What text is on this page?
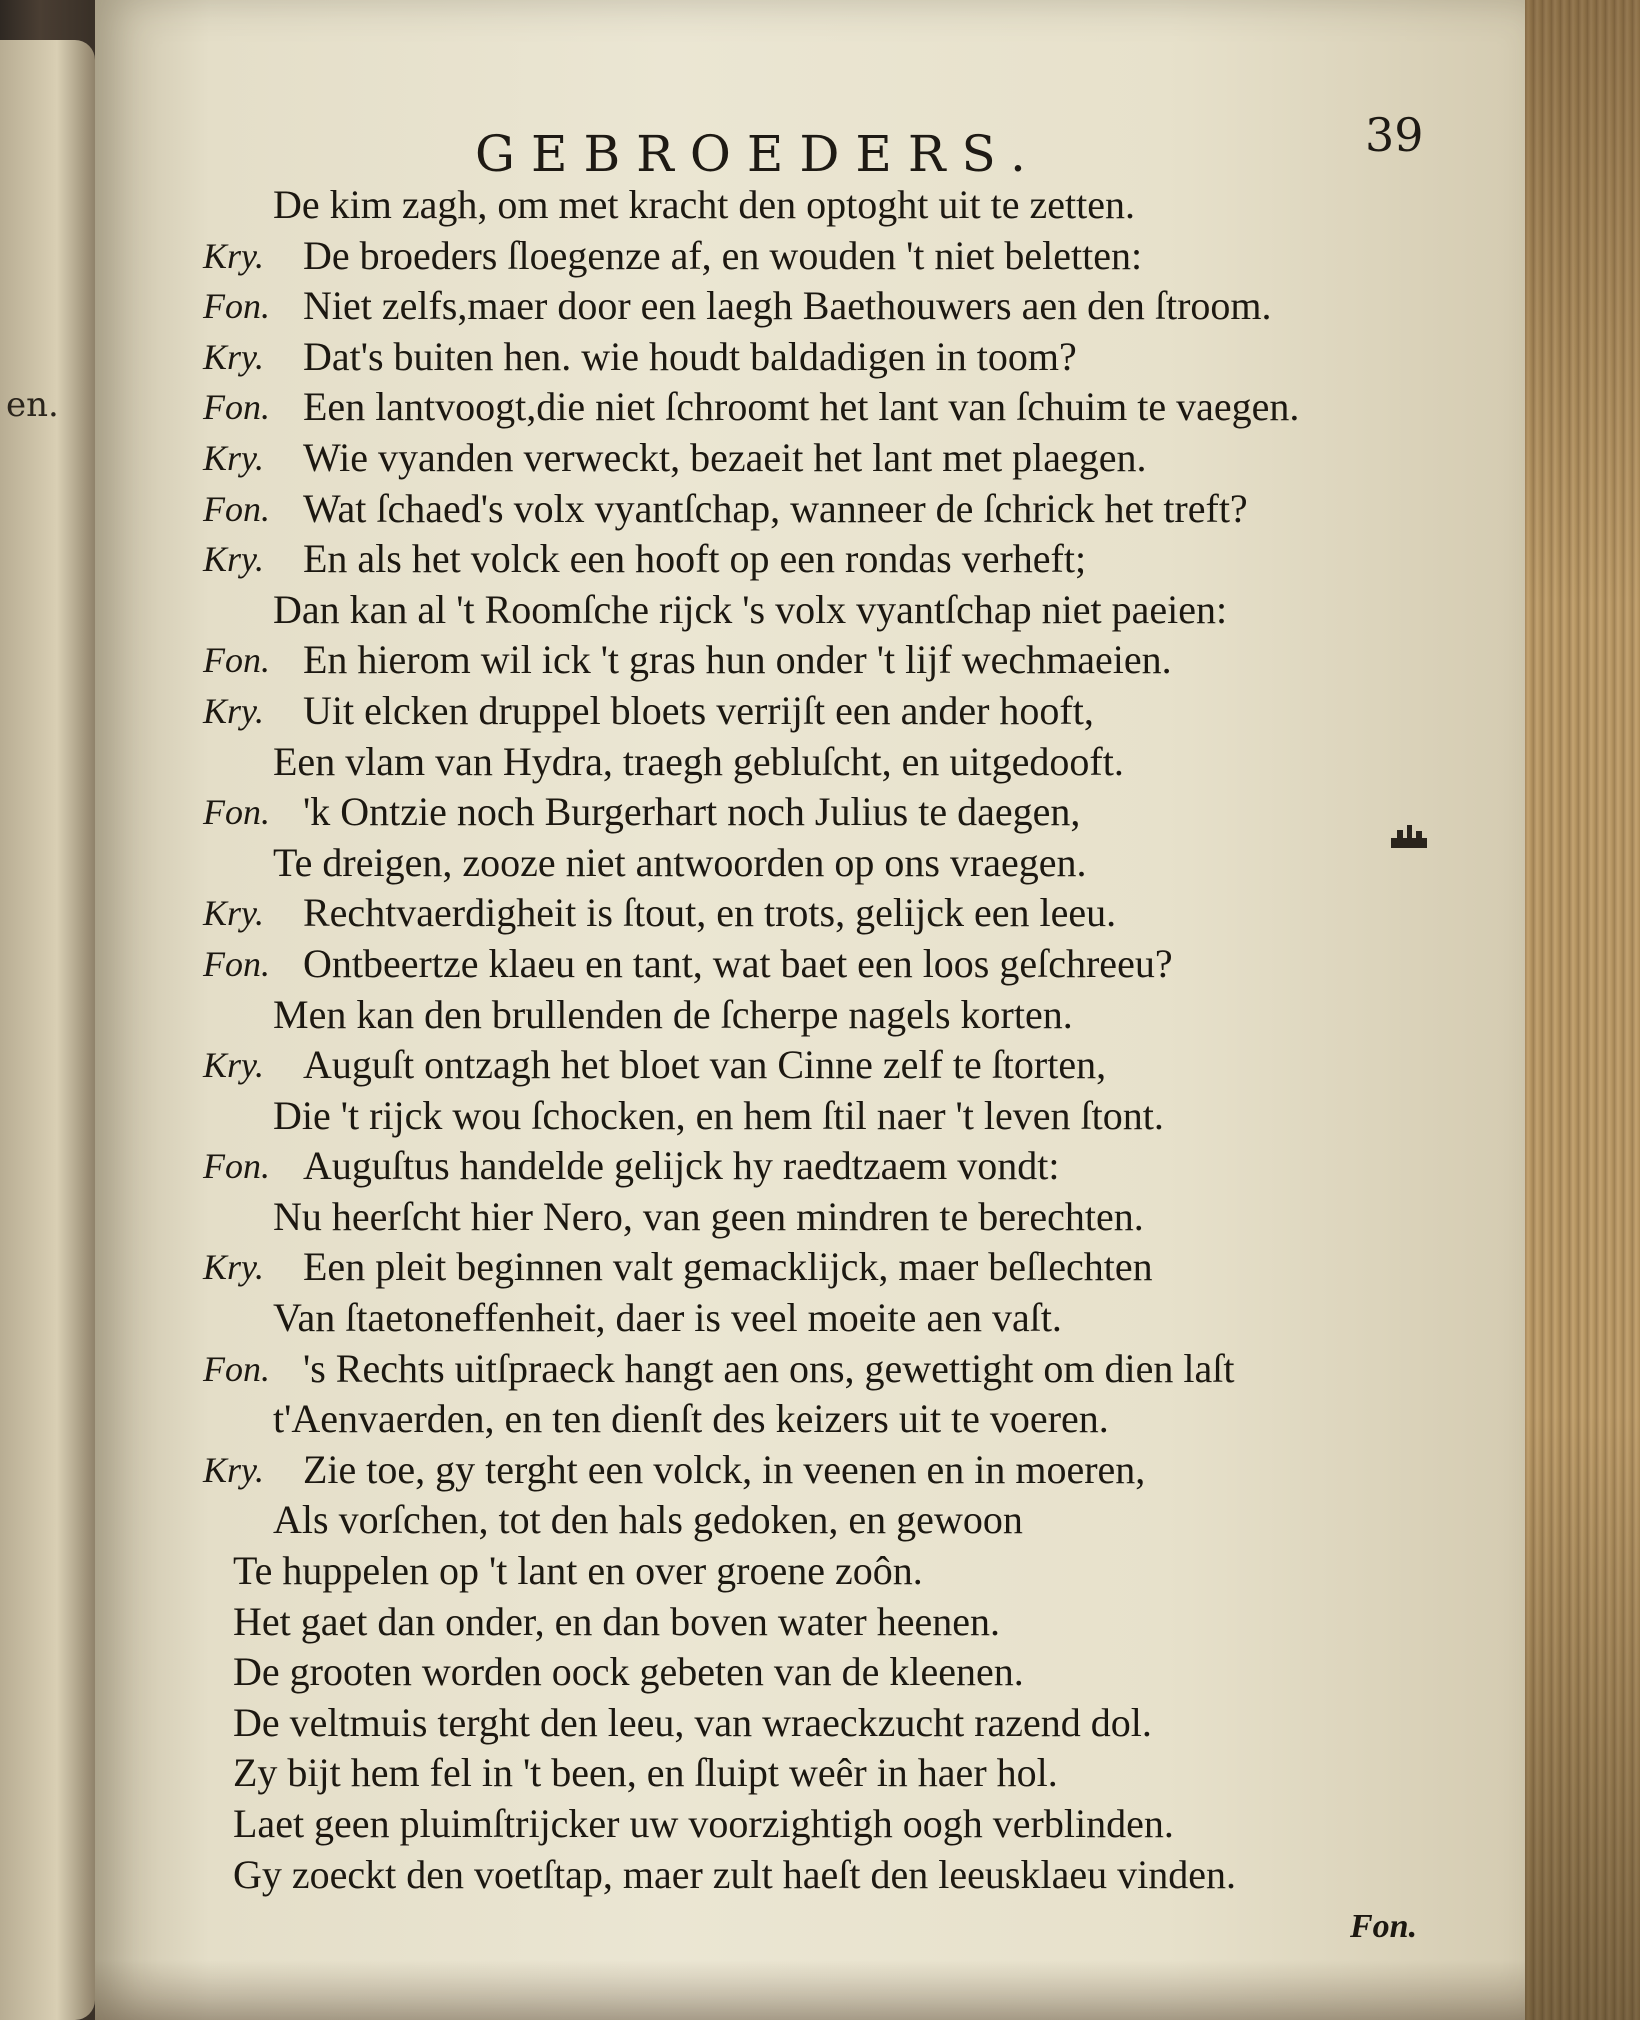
en.
GEBROEDERS.	39
De kim zagh, om met kracht den optoght uit te zetten.
Kry. De broeders ſloegenze af, en wouden 't niet beletten:
Fon. Niet zelfs,maer door een laegh Baethouwers aen den ſtroom.
Kry. Dat's buiten hen. wie houdt baldadigen in toom?
Fon. Een lantvoogt,die niet ſchroomt het lant van ſchuim te vaegen.
Kry. Wie vyanden verweckt, bezaeit het lant met plaegen.
Fon. Wat ſchaed's volx vyantſchap, wanneer de ſchrick het treft?
Kry. En als het volck een hooft op een rondas verheft;
Dan kan al 't Roomſche rijck 's volx vyantſchap niet paeien:
Fon. En hierom wil ick 't gras hun onder 't lijf wechmaeien.
Kry. Uit elcken druppel bloets verrijſt een ander hooft,
Een vlam van Hydra, traegh gebluſcht, en uitgedooft.
Fon. 'k Ontzie noch Burgerhart noch Julius te daegen,
Te dreigen, zooze niet antwoorden op ons vraegen.
Kry. Rechtvaerdigheit is ſtout, en trots, gelijck een leeu.
Fon. Ontbeertze klaeu en tant, wat baet een loos geſchreeu?
Men kan den brullenden de ſcherpe nagels korten.
Kry. Auguſt ontzagh het bloet van Cinne zelf te ſtorten,
Die 't rijck wou ſchocken, en hem ſtil naer 't leven ſtont.
Fon. Auguſtus handelde gelijck hy raedtzaem vondt:
Nu heerſcht hier Nero, van geen mindren te berechten.
Kry. Een pleit beginnen valt gemacklijck, maer beſlechten
Van ſtaetoneffenheit, daer is veel moeite aen vaſt.
Fon. 's Rechts uitſpraeck hangt aen ons, gewettight om dien laſt
t'Aenvaerden, en ten dienſt des keizers uit te voeren.
Kry. Zie toe, gy terght een volck, in veenen en in moeren,
Als vorſchen, tot den hals gedoken, en gewoon
Te huppelen op 't lant en over groene zoôn.
Het gaet dan onder, en dan boven water heenen.
De grooten worden oock gebeten van de kleenen.
De veltmuis terght den leeu, van wraeckzucht razend dol.
Zy bijt hem fel in 't been, en ſluipt weêr in haer hol.
Laet geen pluimſtrijcker uw voorzightigh oogh verblinden.
Gy zoeckt den voetſtap, maer zult haeſt den leeusklaeu vinden.
Fon.
